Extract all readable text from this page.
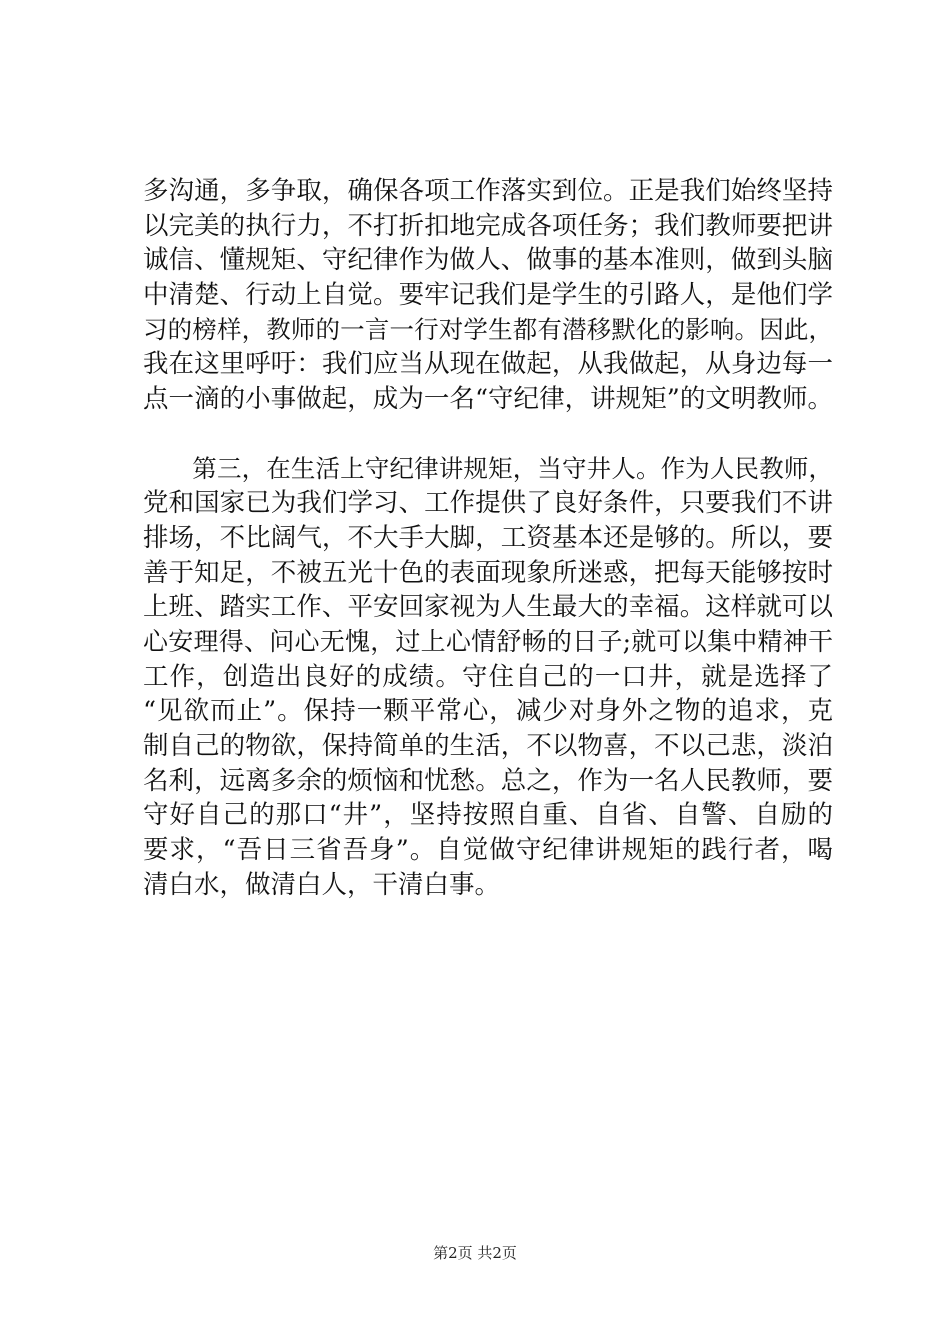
多沟通，多争取，确保各项工作落实到位。正是我们始终坚持
以完美的执行力，不打折扣地完成各项任务；我们教师要把讲
诚信、懂规矩、守纪律作为做人、做事的基本准则，做到头脑
中清楚、行动上自觉。要牢记我们是学生的引路人，是他们学
习的榜样，教师的一言一行对学生都有潜移默化的影响。因此，
我在这里呼吁：我们应当从现在做起，从我做起，从身边每一
点一滴的小事做起，成为一名“守纪律，讲规矩”的文明教师。
　　第三，在生活上守纪律讲规矩，当守井人。作为人民教师，
党和国家已为我们学习、工作提供了良好条件，只要我们不讲
排场，不比阔气，不大手大脚，工资基本还是够的。所以，要
善于知足，不被五光十色的表面现象所迷惑，把每天能够按时
上班、踏实工作、平安回家视为人生最大的幸福。这样就可以
心安理得、问心无愧，过上心情舒畅的日子;就可以集中精神干
工作，创造出良好的成绩。守住自己的一口井，就是选择了
“见欲而止”。保持一颗平常心，减少对身外之物的追求，克
制自己的物欲，保持简单的生活，不以物喜，不以己悲，淡泊
名利，远离多余的烦恼和忧愁。总之，作为一名人民教师，要
守好自己的那口“井”，坚持按照自重、自省、自警、自励的
要求，“吾日三省吾身”。自觉做守纪律讲规矩的践行者，喝
清白水，做清白人，干清白事。
第2页 共2页
